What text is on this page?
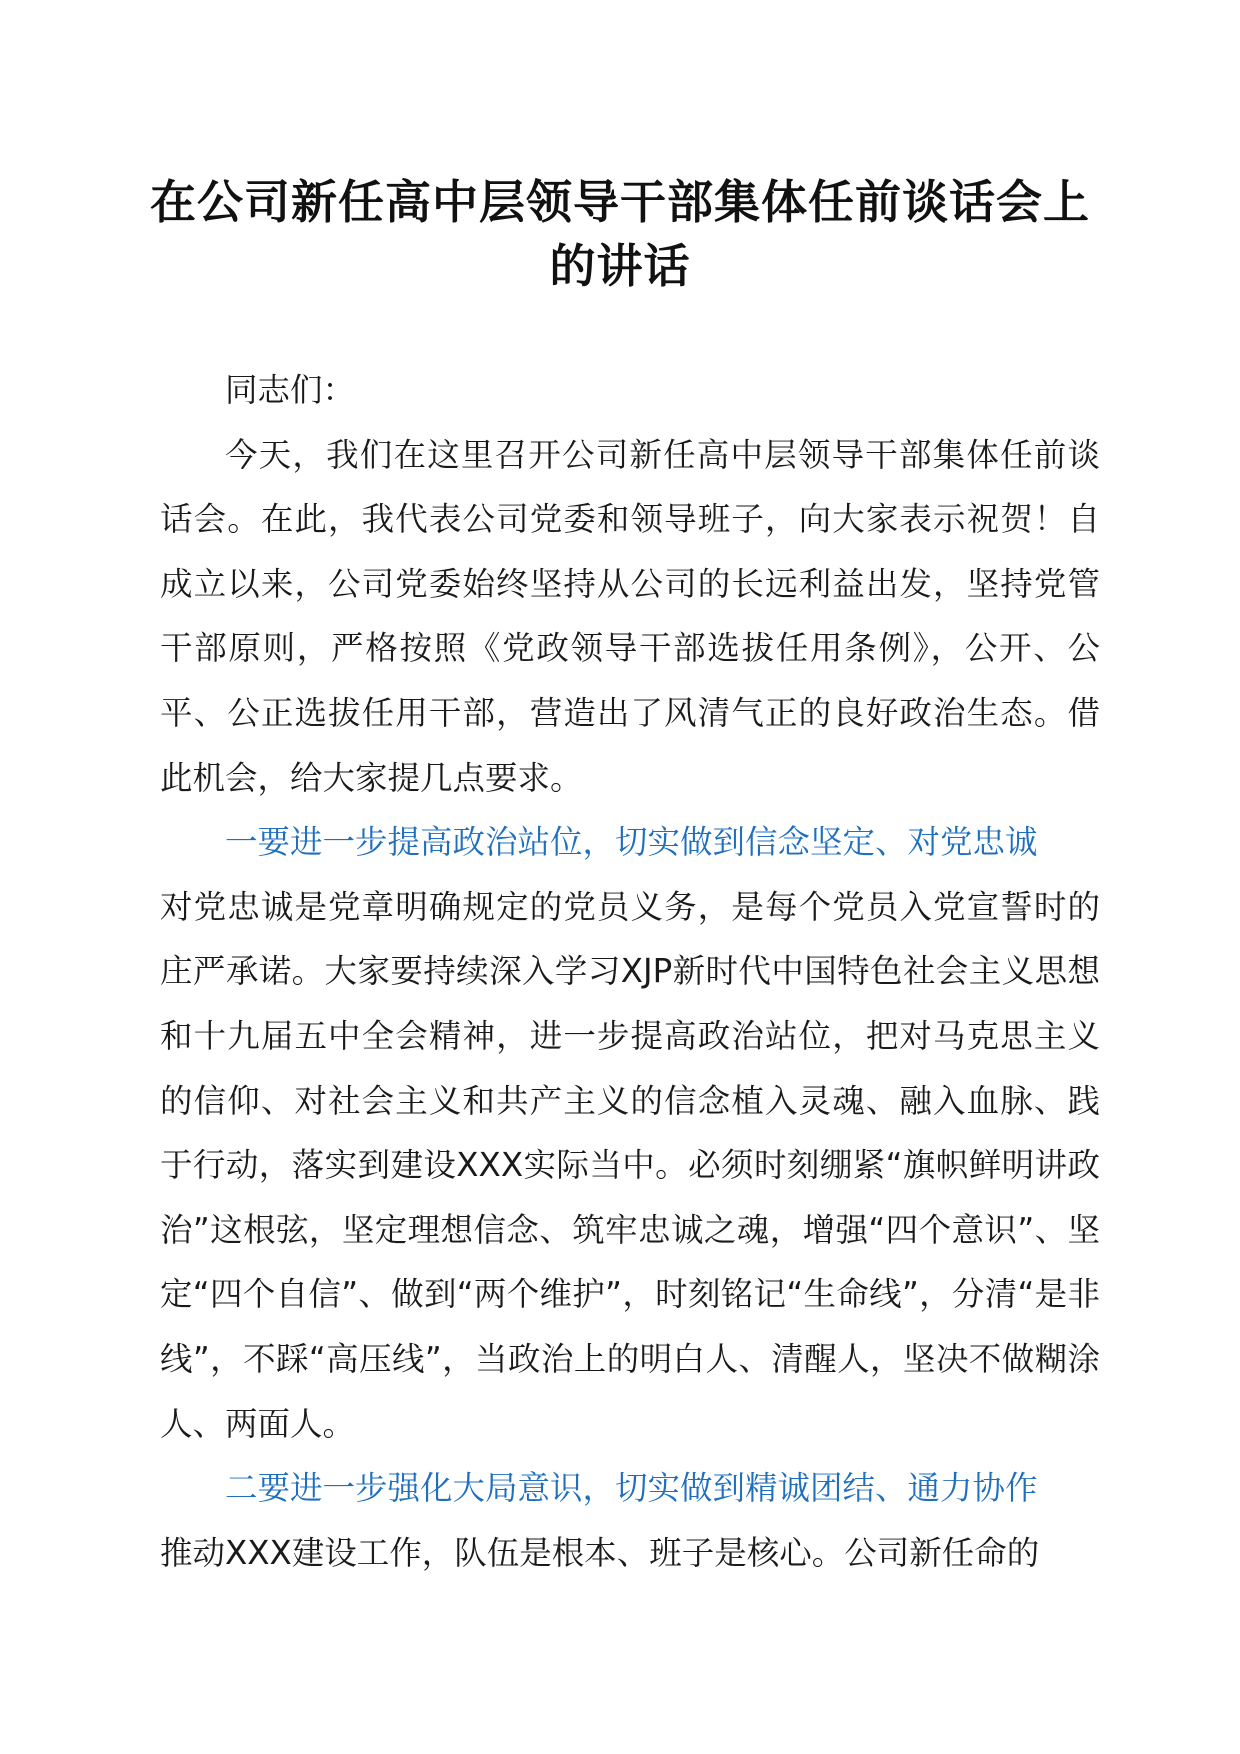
在公司新任高中层领导干部集体任前谈话会上
的讲话

同志们：

今天，我们在这里召开公司新任高中层领导干部集体任前谈话会。在此，我代表公司党委和领导班子，向大家表示祝贺！自成立以来，公司党委始终坚持从公司的长远利益出发，坚持党管干部原则，严格按照《党政领导干部选拔任用条例》，公开、公平、公正选拔任用干部，营造出了风清气正的良好政治生态。借此机会，给大家提几点要求。

一要进一步提高政治站位，切实做到信念坚定、对党忠诚

对党忠诚是党章明确规定的党员义务，是每个党员入党宣誓时的庄严承诺。大家要持续深入学习XJP新时代中国特色社会主义思想和十九届五中全会精神，进一步提高政治站位，把对马克思主义的信仰、对社会主义和共产主义的信念植入灵魂、融入血脉、践于行动，落实到建设XXX实际当中。必须时刻绷紧“旗帜鲜明讲政治”这根弦，坚定理想信念、筑牢忠诚之魂，增强“四个意识”、坚定“四个自信”、做到“两个维护”，时刻铭记“生命线”，分清“是非线”，不踩“高压线”，当政治上的明白人、清醒人，坚决不做糊涂人、两面人。

二要进一步强化大局意识，切实做到精诚团结、通力协作

推动XXX建设工作，队伍是根本、班子是核心。公司新任命的
